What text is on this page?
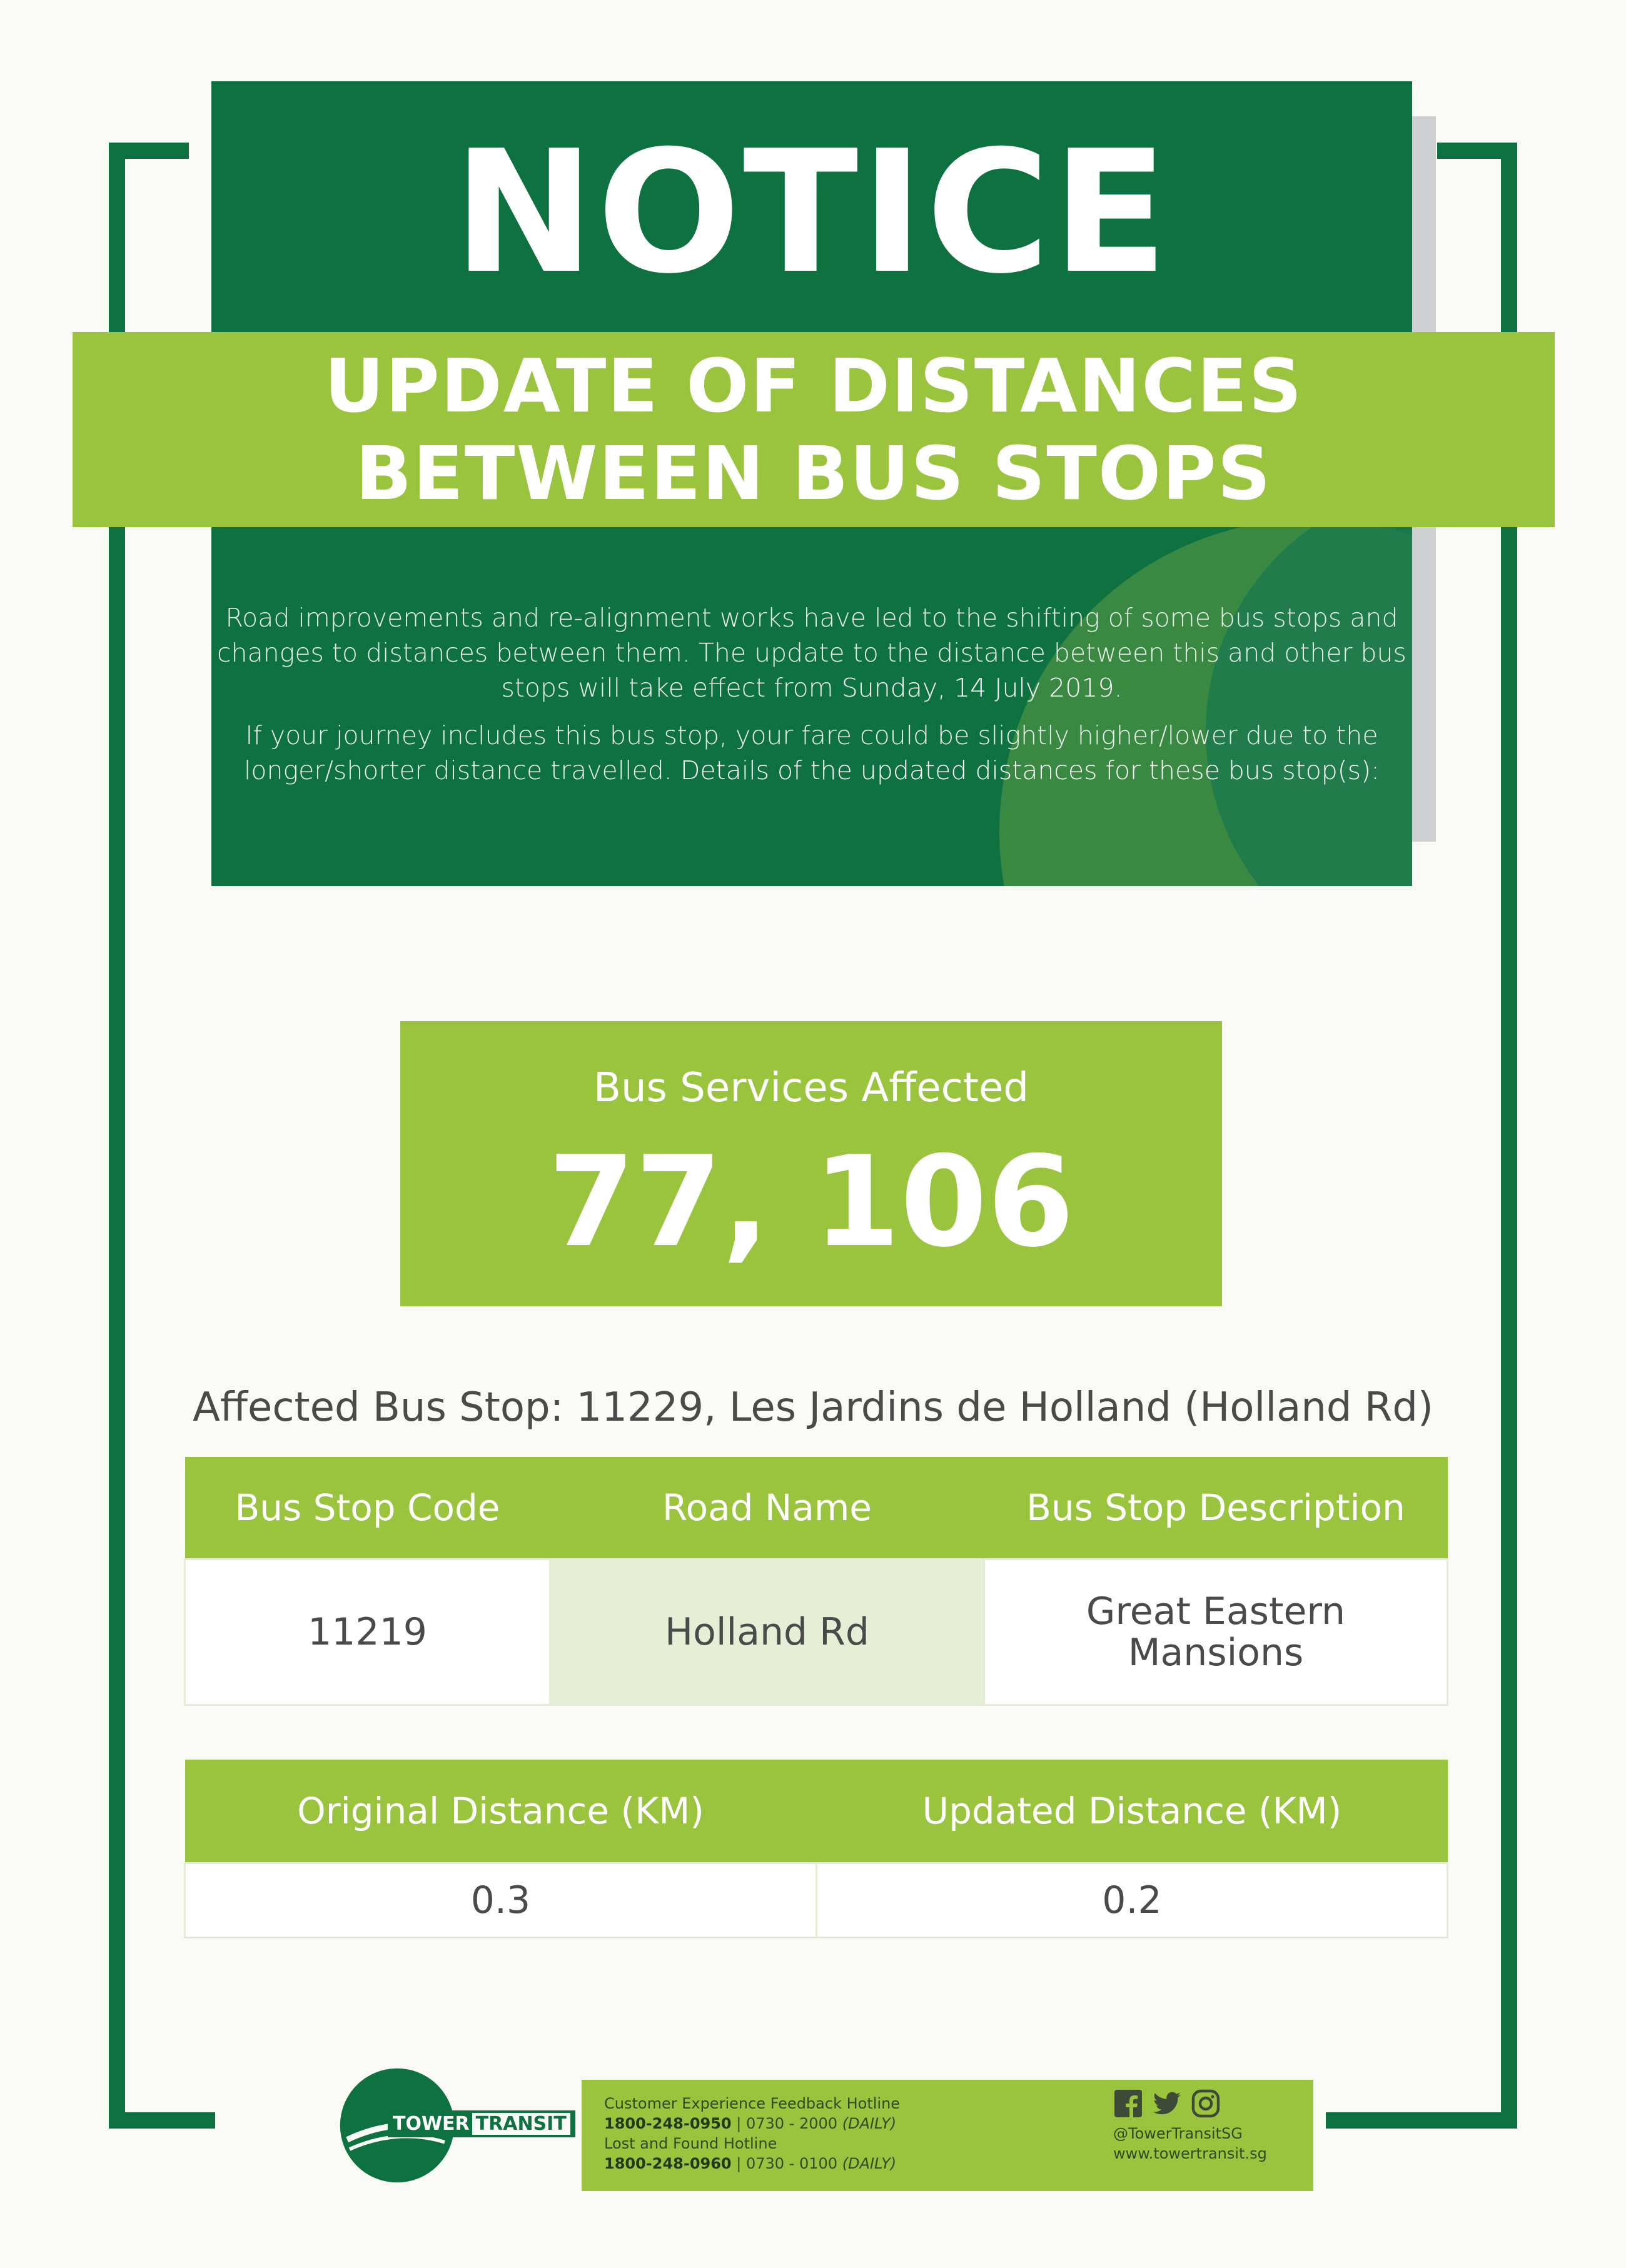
NOTICE

Road improvements and re-alignment works have led to the shifting of some bus stops and changes to distances between them. The update to the distance between this and other bus stops will take effect from Sunday, 14 July 2019.

If your journey includes this bus stop, your fare could be slightly higher/lower due to the longer/shorter distance travelled. Details of the updated distances for these bus stop(s):

UPDATE OF DISTANCES
BETWEEN BUS STOPS
Bus Services Affected
77, 106
Affected Bus Stop: 11229, Les Jardins de Holland (Holland Rd)
Bus Stop Code	Road Name	Bus Stop Description
11219	Holland Rd	Great Eastern Mansions
Original Distance (KM)	Updated Distance (KM)
0.3	0.2
TOWER TRANSIT
Customer Experience Feedback Hotline
1800-248-0950 | 0730 - 2000 (DAILY)
Lost and Found Hotline
1800-248-0960 | 0730 - 0100 (DAILY)
@TowerTransitSG
www.towertransit.sg
